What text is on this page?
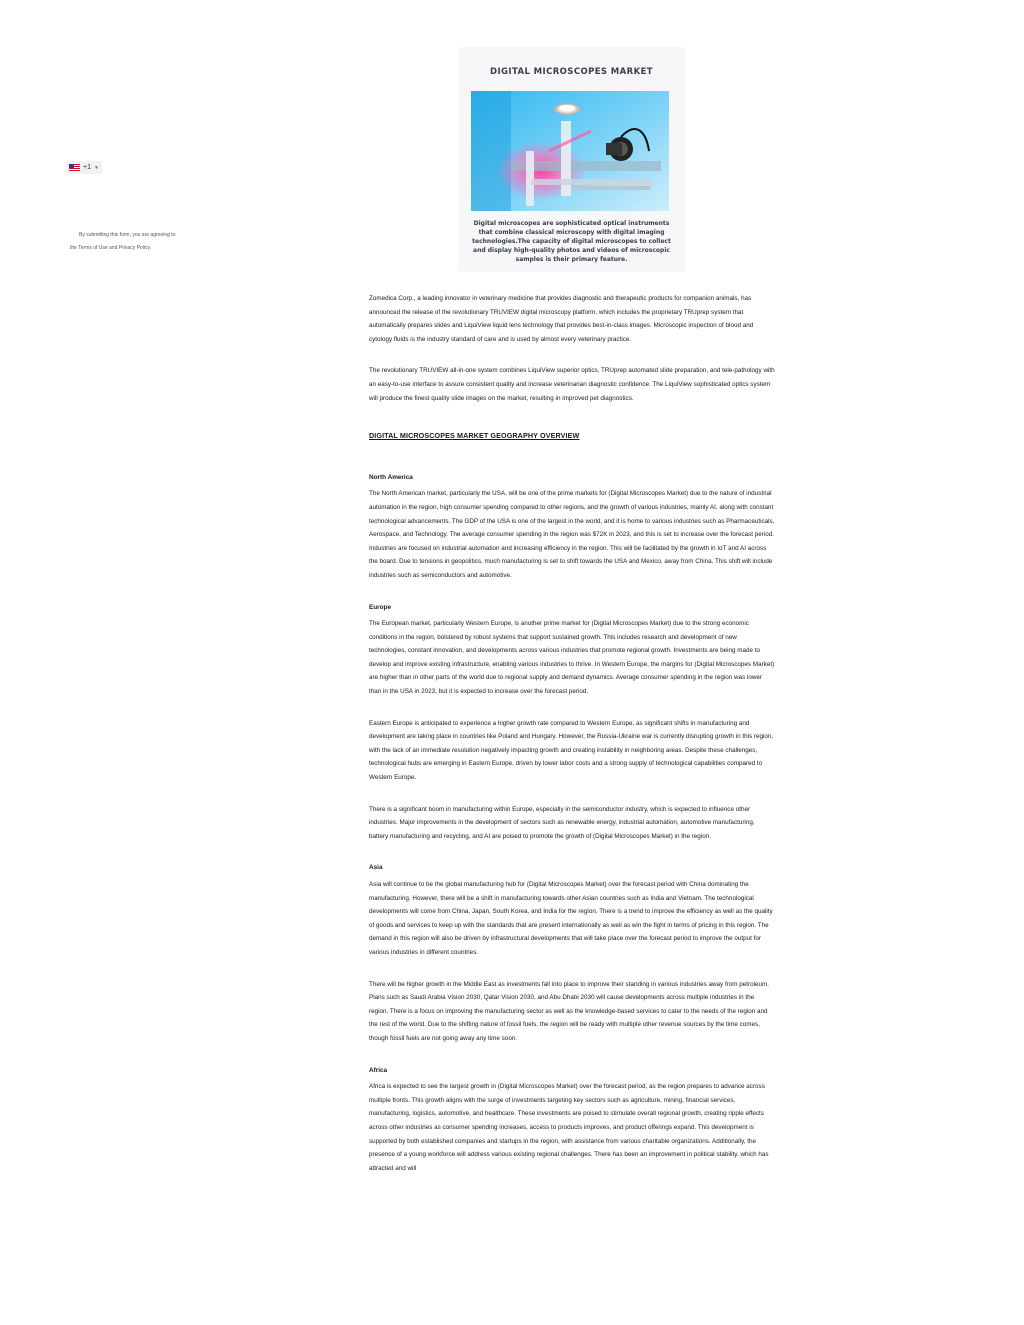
+1 ▼
By submitting this form, you are agreeing to
the Terms of Use and Privacy Policy.
DIGITAL MICROSCOPES MARKET
Digital microscopes are sophisticated optical instruments that combine classical microscopy with digital imaging technologies.The capacity of digital microscopes to collect and display high-quality photos and videos of microscopic samples is their primary feature.

Zomedica Corp., a leading innovator in veterinary medicine that provides diagnostic and therapeutic products for companion animals, has announced the release of the revolutionary TRUVIEW digital microscopy platform, which includes the proprietary TRUprep system that automatically prepares slides and LiquiView liquid lens technology that provides best-in-class images. Microscopic inspection of blood and cytology fluids is the industry standard of care and is used by almost every veterinary practice.

The revolutionary TRUVIEW all-in-one system combines LiquiView superior optics, TRUprep automated slide preparation, and tele-pathology with an easy-to-use interface to assure consistent quality and increase veterinarian diagnostic confidence. The LiquiView sophisticated optics system will produce the finest quality slide images on the market, resulting in improved pet diagnostics.

DIGITAL MICROSCOPES MARKET GEOGRAPHY OVERVIEW
North America

The North American market, particularly the USA, will be one of the prime markets for (Digital Microscopes Market) due to the nature of industrial automation in the region, high consumer spending compared to other regions, and the growth of various industries, mainly AI, along with constant technological advancements. The GDP of the USA is one of the largest in the world, and it is home to various industries such as Pharmaceuticals, Aerospace, and Technology. The average consumer spending in the region was $72K in 2023, and this is set to increase over the forecast period. Industries are focused on industrial automation and increasing efficiency in the region. This will be facilitated by the growth in IoT and AI across the board. Due to tensions in geopolitics, much manufacturing is set to shift towards the USA and Mexico, away from China. This shift will include industries such as semiconductors and automotive.

Europe

The European market, particularly Western Europe, is another prime market for (Digital Microscopes Market) due to the strong economic conditions in the region, bolstered by robust systems that support sustained growth. This includes research and development of new technologies, constant innovation, and developments across various industries that promote regional growth. Investments are being made to develop and improve existing infrastructure, enabling various industries to thrive. In Western Europe, the margins for (Digital Microscopes Market) are higher than in other parts of the world due to regional supply and demand dynamics. Average consumer spending in the region was lower than in the USA in 2023, but it is expected to increase over the forecast period.

Eastern Europe is anticipated to experience a higher growth rate compared to Western Europe, as significant shifts in manufacturing and development are taking place in countries like Poland and Hungary. However, the Russia-Ukraine war is currently disrupting growth in this region, with the lack of an immediate resolution negatively impacting growth and creating instability in neighboring areas. Despite these challenges, technological hubs are emerging in Eastern Europe, driven by lower labor costs and a strong supply of technological capabilities compared to Western Europe.

There is a significant boom in manufacturing within Europe, especially in the semiconductor industry, which is expected to influence other industries. Major improvements in the development of sectors such as renewable energy, industrial automation, automotive manufacturing, battery manufacturing and recycling, and AI are poised to promote the growth of (Digital Microscopes Market) in the region.

Asia

Asia will continue to be the global manufacturing hub for (Digital Microscopes Market) over the forecast period with China dominating the manufacturing. However, there will be a shift in manufacturing towards other Asian countries such as India and Vietnam. The technological developments will come from China, Japan, South Korea, and India for the region. There is a trend to improve the efficiency as well as the quality of goods and services to keep up with the standards that are present internationally as well as win the fight in terms of pricing in this region. The demand in this region will also be driven by infrastructural developments that will take place over the forecast period to improve the output for various industries in different countries.

There will be higher growth in the Middle East as investments fall into place to improve their standing in various industries away from petroleum. Plans such as Saudi Arabia Vision 2030, Qatar Vision 2030, and Abu Dhabi 2030 will cause developments across multiple industries in the region. There is a focus on improving the manufacturing sector as well as the knowledge-based services to cater to the needs of the region and the rest of the world. Due to the shifting nature of fossil fuels, the region will be ready with multiple other revenue sources by the time comes, though fossil fuels are not going away any time soon.

Africa

Africa is expected to see the largest growth in (Digital Microscopes Market) over the forecast period, as the region prepares to advance across multiple fronts. This growth aligns with the surge of investments targeting key sectors such as agriculture, mining, financial services, manufacturing, logistics, automotive, and healthcare. These investments are poised to stimulate overall regional growth, creating ripple effects across other industries as consumer spending increases, access to products improves, and product offerings expand. This development is supported by both established companies and startups in the region, with assistance from various charitable organizations. Additionally, the presence of a young workforce will address various existing regional challenges. There has been an improvement in political stability, which has attracted and will
